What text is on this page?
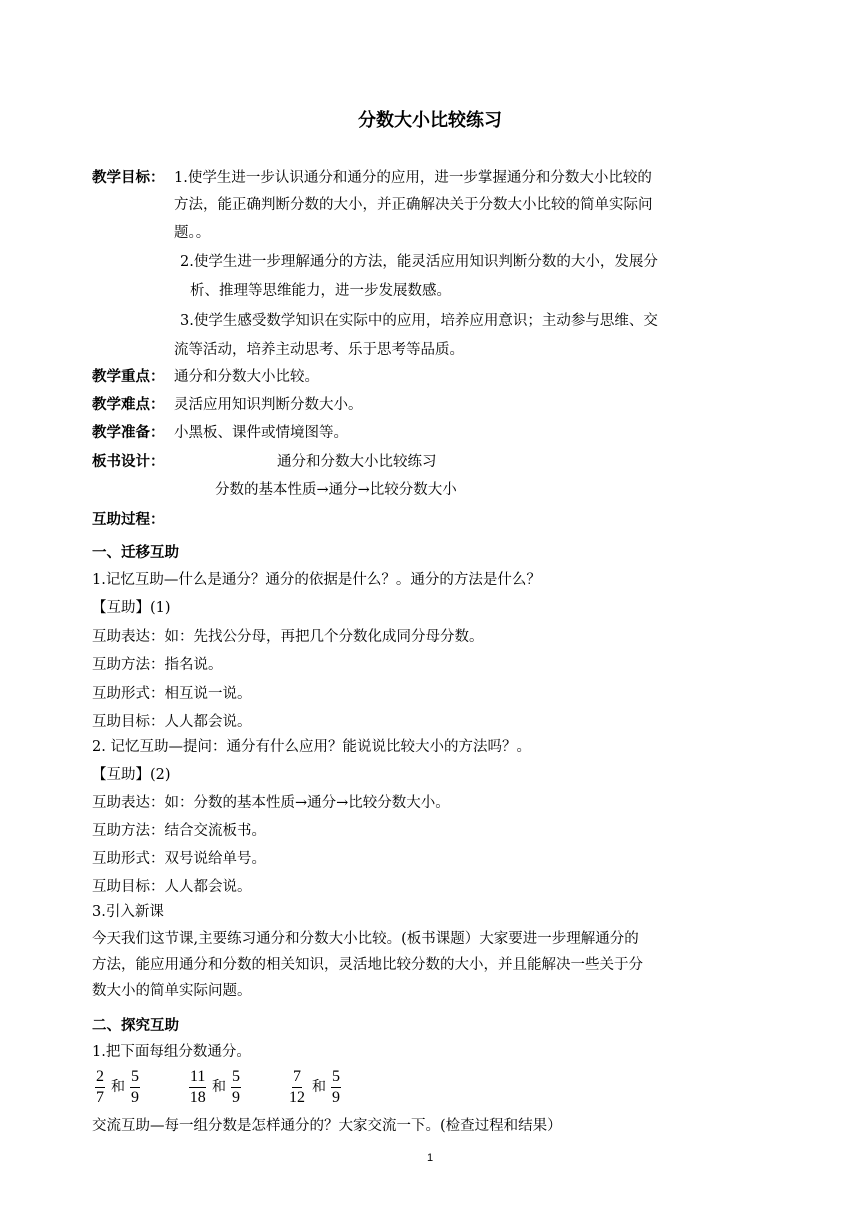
分数大小比较练习
教学目标： 1.使学生进一步认识通分和通分的应用，进一步掌握通分和分数大小比较的
方法，能正确判断分数的大小，并正确解决关于分数大小比较的简单实际问
题。。
2.使学生进一步理解通分的方法，能灵活应用知识判断分数的大小，发展分
析、推理等思维能力，进一步发展数感。
3.使学生感受数学知识在实际中的应用，培养应用意识；主动参与思维、交
流等活动，培养主动思考、乐于思考等品质。
教学重点： 通分和分数大小比较。
教学难点： 灵活应用知识判断分数大小。
教学准备： 小黑板、课件或情境图等。
板书设计：	通分和分数大小比较练习
分数的基本性质→通分→比较分数大小
互助过程：
一、迁移互助
1.记忆互助—什么是通分？通分的依据是什么？。通分的方法是什么？
【互助】(1)
互助表达：如：先找公分母，再把几个分数化成同分母分数。
互助方法：指名说。
互助形式：相互说一说。
互助目标：人人都会说。
2. 记忆互助—提问：通分有什么应用？能说说比较大小的方法吗？。
【互助】(2)
互助表达：如：分数的基本性质→通分→比较分数大小。
互助方法：结合交流板书。
互助形式：双号说给单号。
互助目标：人人都会说。
3.引入新课
今天我们这节课,主要练习通分和分数大小比较。(板书课题）大家要进一步理解通分的
方法，能应用通分和分数的相关知识，灵活地比较分数的大小，并且能解决一些关于分
数大小的简单实际问题。
二、探究互助
1.把下面每组分数通分。
$\frac{2}{7}$ 和 $\frac{5}{9}$	$\frac{11}{18}$ 和 $\frac{5}{9}$	$\frac{7}{12}$ 和 $\frac{5}{9}$
交流互助—每一组分数是怎样通分的？大家交流一下。(检查过程和结果）
1
